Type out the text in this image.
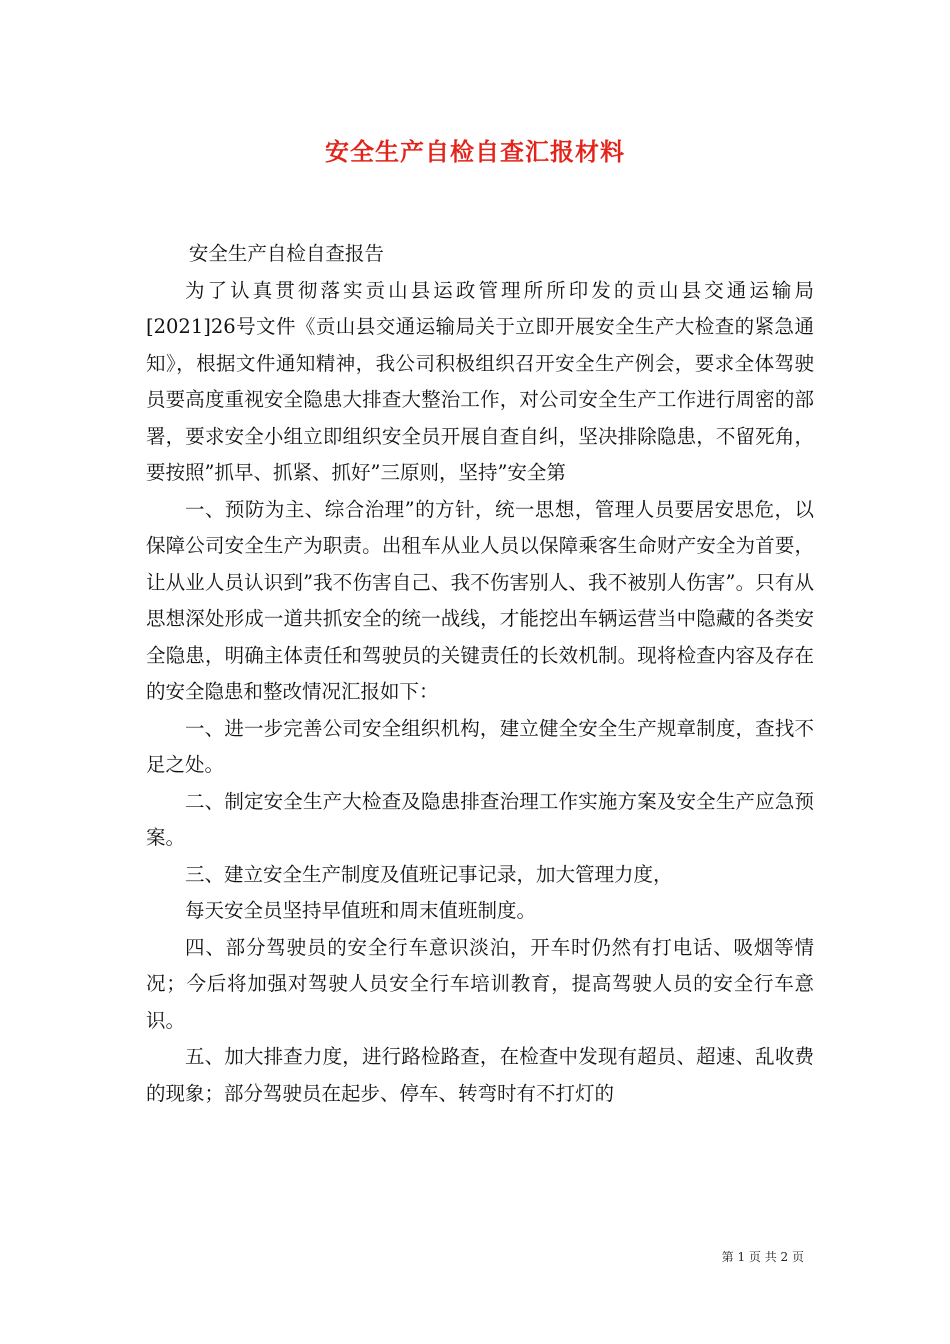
安全生产自检自查汇报材料

安全生产自检自查报告

为了认真贯彻落实贡山县运政管理所所印发的贡山县交通运输局[2021]26号文件《贡山县交通运输局关于立即开展安全生产大检查的紧急通知》，根据文件通知精神，我公司积极组织召开安全生产例会，要求全体驾驶员要高度重视安全隐患大排查大整治工作，对公司安全生产工作进行周密的部署，要求安全小组立即组织安全员开展自查自纠，坚决排除隐患，不留死角，要按照”抓早、抓紧、抓好”三原则，坚持”安全第

一、预防为主、综合治理”的方针，统一思想，管理人员要居安思危，以保障公司安全生产为职责。出租车从业人员以保障乘客生命财产安全为首要，让从业人员认识到”我不伤害自己、我不伤害别人、我不被别人伤害”。只有从思想深处形成一道共抓安全的统一战线，才能挖出车辆运营当中隐藏的各类安全隐患，明确主体责任和驾驶员的关键责任的长效机制。现将检查内容及存在的安全隐患和整改情况汇报如下：

一、进一步完善公司安全组织机构，建立健全安全生产规章制度，查找不足之处。

二、制定安全生产大检查及隐患排查治理工作实施方案及安全生产应急预案。

三、建立安全生产制度及值班记事记录，加大管理力度，

每天安全员坚持早值班和周末值班制度。

四、部分驾驶员的安全行车意识淡泊，开车时仍然有打电话、吸烟等情况；今后将加强对驾驶人员安全行车培训教育，提高驾驶人员的安全行车意识。

五、加大排查力度，进行路检路查，在检查中发现有超员、超速、乱收费的现象；部分驾驶员在起步、停车、转弯时有不打灯的

第 1 页 共 2 页
